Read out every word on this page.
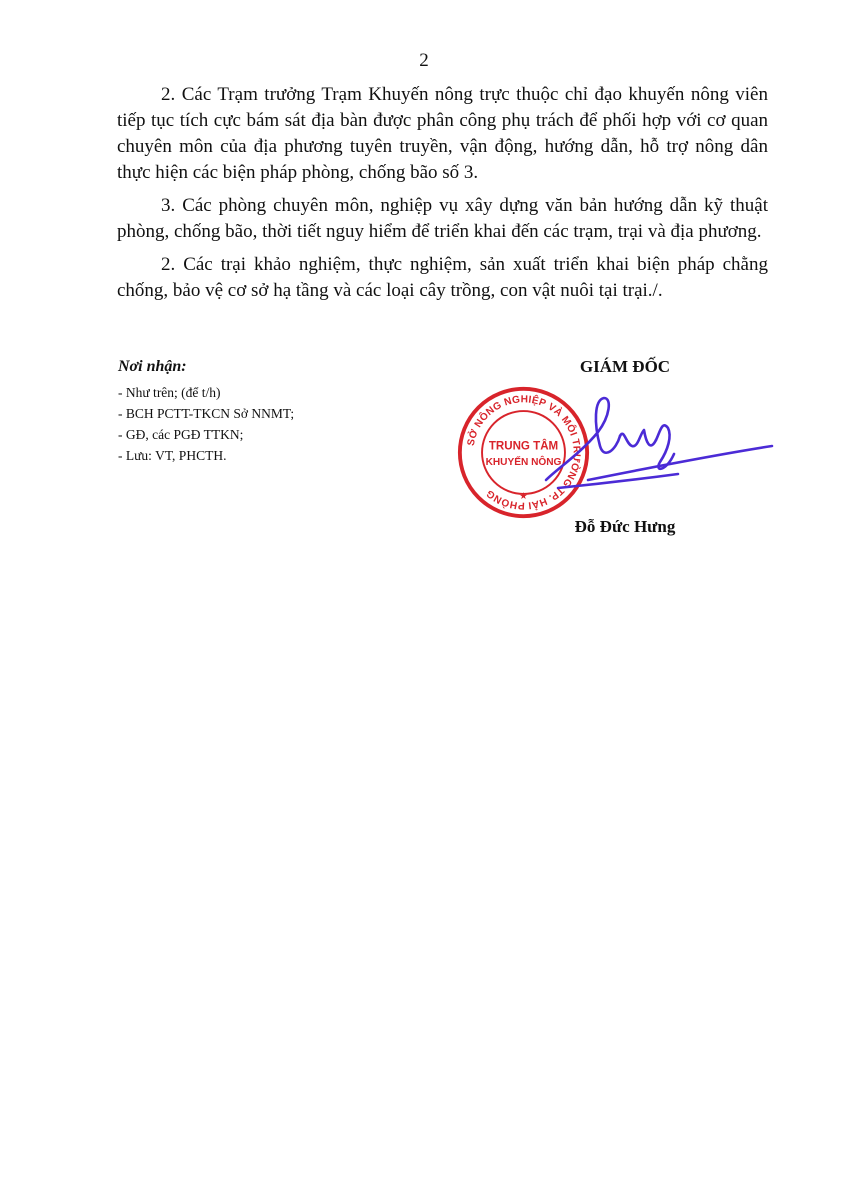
2

2. Các Trạm trưởng Trạm Khuyến nông trực thuộc chỉ đạo khuyến nông viên tiếp tục tích cực bám sát địa bàn được phân công phụ trách để phối hợp với cơ quan chuyên môn của địa phương tuyên truyền, vận động, hướng dẫn, hỗ trợ nông dân thực hiện các biện pháp phòng, chống bão số 3.

3. Các phòng chuyên môn, nghiệp vụ xây dựng văn bản hướng dẫn kỹ thuật phòng, chống bão, thời tiết nguy hiểm để triển khai đến các trạm, trại và địa phương.

2. Các trại khảo nghiệm, thực nghiệm, sản xuất triển khai biện pháp chằng chống, bảo vệ cơ sở hạ tầng và các loại cây trồng, con vật nuôi tại trại./.

Nơi nhận:
- Như trên; (để t/h)
- BCH PCTT-TKCN Sở NNMT;
- GĐ, các PGĐ TTKN;
- Lưu: VT, PHCTH.
GIÁM ĐỐC
SỞ NÔNG NGHIỆP VÀ MÔI TRƯỜNG TP. HẢI PHÒNG
TRUNG TÂM
KHUYẾN NÔNG
★
Đỗ Đức Hưng
